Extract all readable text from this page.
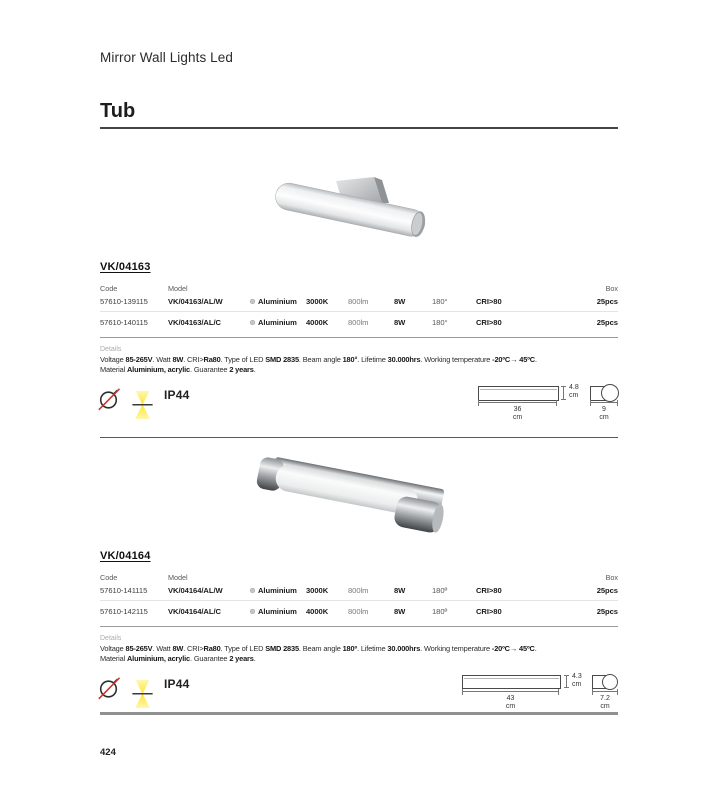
Mirror Wall Lights Led
Tub
VK/04163
Code	Model	Box
57610-139115	VK/04163/AL/W	Aluminium 3000K	800lm	8W	180°	CRI>80	25pcs
57610-140115	VK/04163/AL/C	Aluminium 4000K	800lm	8W	180°	CRI>80	25pcs
Details
Voltage 85-265V. Watt 8W. CRI>Ra80. Type of LED SMD 2835. Beam angle 180°. Lifetime 30.000hrs. Working temperature -20ºC→ 45ºC.
Material Aluminium, acrylic. Guarantee 2 years.
IP44
4.8
cm
36
cm
9
cm
VK/04164
Code	Model	Box
57610-141115	VK/04164/AL/W	Aluminium 3000K	800lm	8W	180º	CRI>80	25pcs
57610-142115	VK/04164/AL/C	Aluminium 4000K	800lm	8W	180º	CRI>80	25pcs
Details
Voltage 85-265V. Watt 8W. CRI>Ra80. Type of LED SMD 2835. Beam angle 180º. Lifetime 30.000hrs. Working temperature -20ºC→ 45ºC.
Material Aluminium, acrylic. Guarantee 2 years.
IP44
4.3
cm
43
cm
7.2
cm
424
